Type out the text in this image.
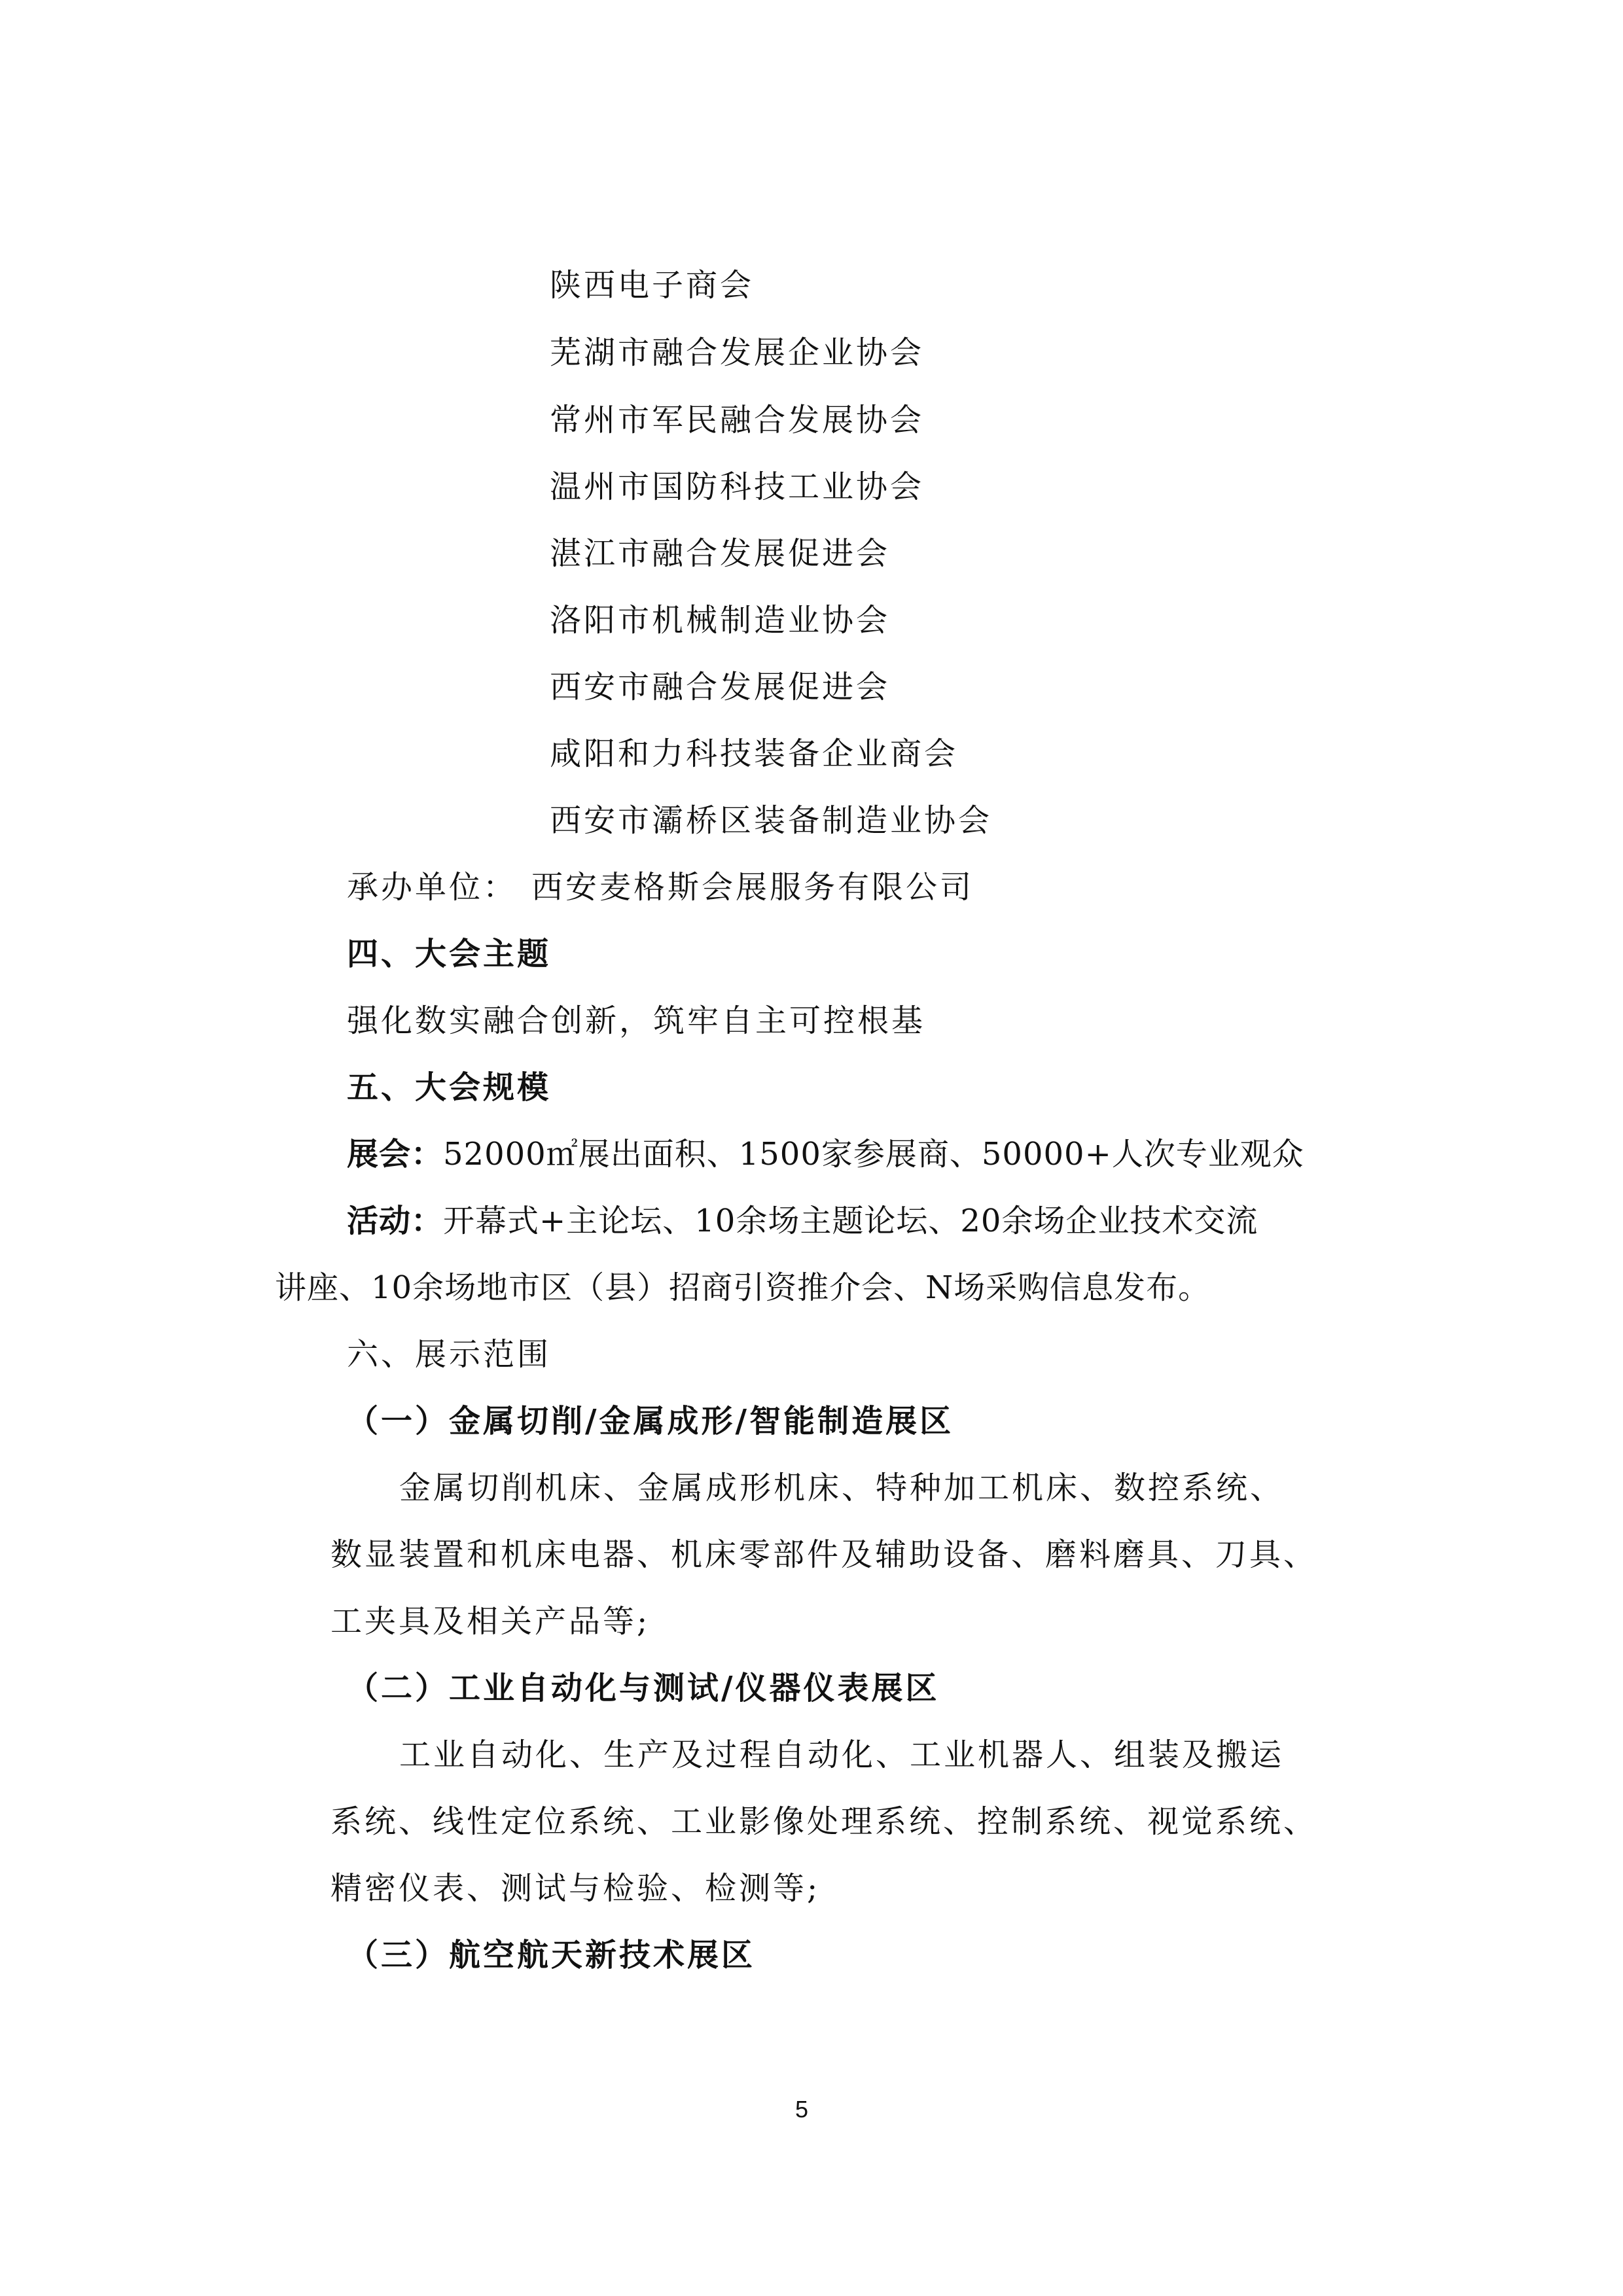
陕西电子商会
芜湖市融合发展企业协会
常州市军民融合发展协会
温州市国防科技工业协会
湛江市融合发展促进会
洛阳市机械制造业协会
西安市融合发展促进会
咸阳和力科技装备企业商会
西安市灞桥区装备制造业协会
承办单位： 西安麦格斯会展服务有限公司
四、大会主题
强化数实融合创新，筑牢自主可控根基
五、大会规模
展会：52000㎡展出面积、1500家参展商、50000+人次专业观众
活动：开幕式+主论坛、10余场主题论坛、20余场企业技术交流
讲座、10余场地市区（县）招商引资推介会、N场采购信息发布。
六、展示范围
（一）金属切削/金属成形/智能制造展区
金属切削机床、金属成形机床、特种加工机床、数控系统、
数显装置和机床电器、机床零部件及辅助设备、磨料磨具、刀具、
工夹具及相关产品等;
（二）工业自动化与测试/仪器仪表展区
工业自动化、生产及过程自动化、工业机器人、组装及搬运
系统、线性定位系统、工业影像处理系统、控制系统、视觉系统、
精密仪表、测试与检验、检测等;
（三）航空航天新技术展区
5
